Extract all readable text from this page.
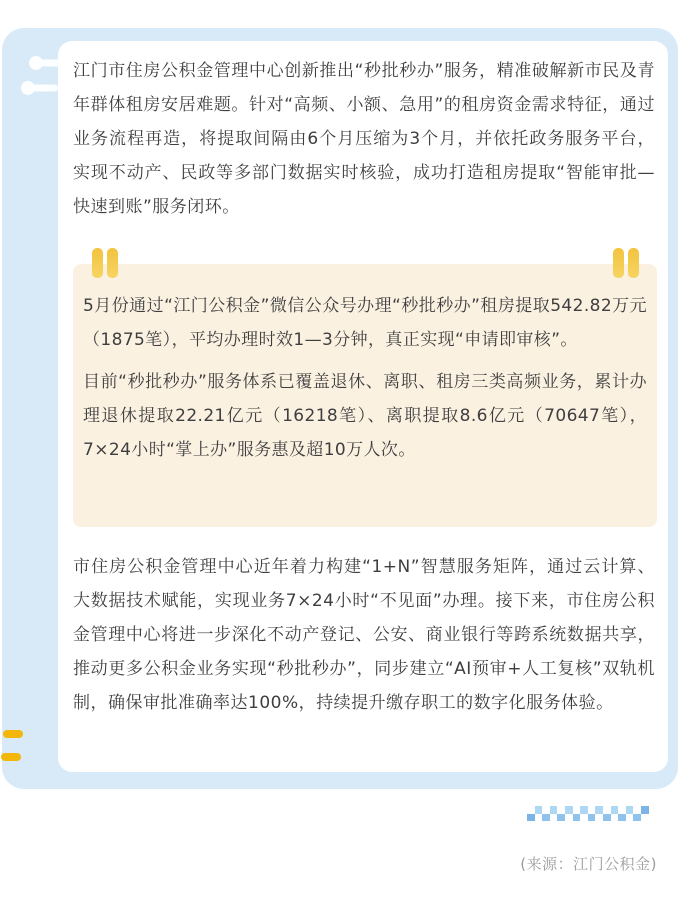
江门市住房公积金管理中心创新推出“秒批秒办”服务，精准破解新市民及青年群体租房安居难题。针对“高频、小额、急用”的租房资金需求特征，通过业务流程再造，将提取间隔由6个月压缩为3个月，并依托政务服务平台，实现不动产、民政等多部门数据实时核验，成功打造租房提取“智能审批—快速到账”服务闭环。

5月份通过“江门公积金”微信公众号办理“秒批秒办”租房提取542.82万元（1875笔），平均办理时效1—3分钟，真正实现“申请即审核”。

目前“秒批秒办”服务体系已覆盖退休、离职、租房三类高频业务，累计办理退休提取22.21亿元（16218笔）、离职提取8.6亿元（70647笔），7×24小时“掌上办”服务惠及超10万人次。

市住房公积金管理中心近年着力构建“1+N”智慧服务矩阵，通过云计算、大数据技术赋能，实现业务7×24小时“不见面”办理。接下来，市住房公积金管理中心将进一步深化不动产登记、公安、商业银行等跨系统数据共享，推动更多公积金业务实现“秒批秒办”，同步建立“AI预审+人工复核”双轨机制，确保审批准确率达100%，持续提升缴存职工的数字化服务体验。

(来源：江门公积金)
